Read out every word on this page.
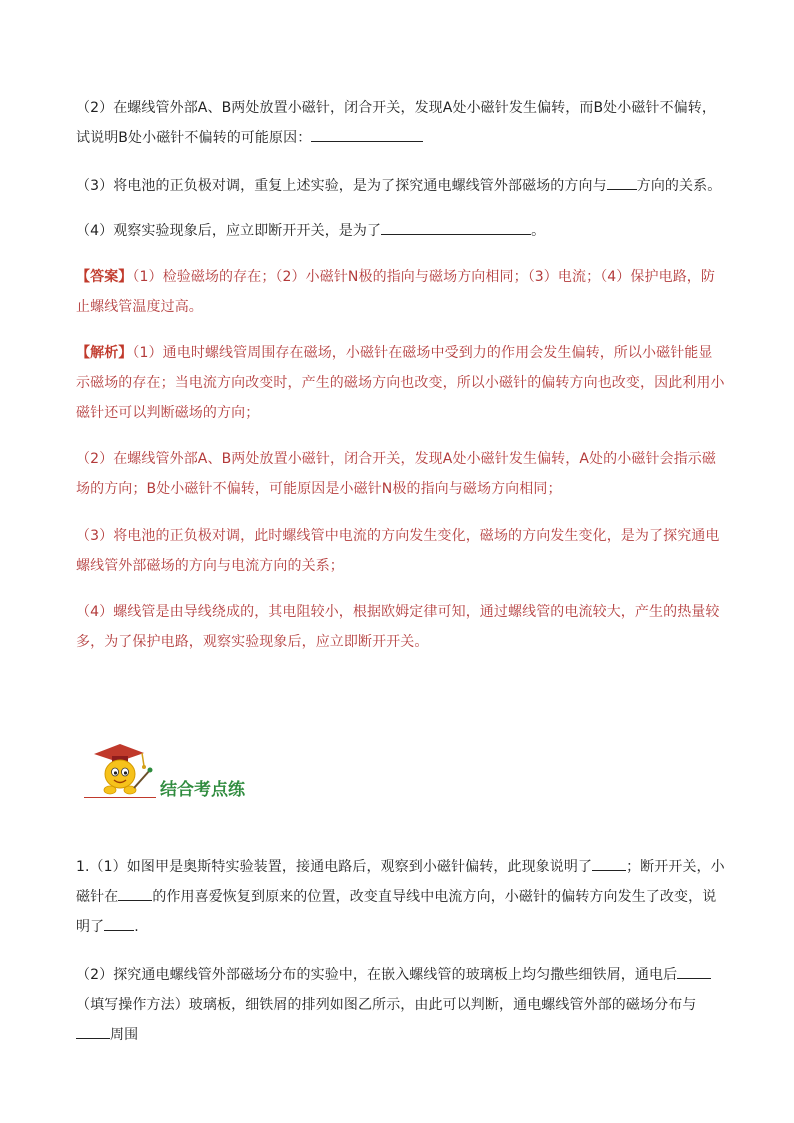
（2）在螺线管外部A、B两处放置小磁针，闭合开关，发现A处小磁针发生偏转，而B处小磁针不偏转，试说明B处小磁针不偏转的可能原因：

（3）将电池的正负极对调，重复上述实验，是为了探究通电螺线管外部磁场的方向与 方向的关系。

（4）观察实验现象后，应立即断开开关，是为了	。

【答案】（1）检验磁场的存在；（2）小磁针N极的指向与磁场方向相同；（3）电流；（4）保护电路，防止螺线管温度过高。

【解析】（1）通电时螺线管周围存在磁场，小磁针在磁场中受到力的作用会发生偏转，所以小磁针能显示磁场的存在；当电流方向改变时，产生的磁场方向也改变，所以小磁针的偏转方向也改变，因此利用小磁针还可以判断磁场的方向；

（2）在螺线管外部A、B两处放置小磁针，闭合开关，发现A处小磁针发生偏转，A处的小磁针会指示磁场的方向；B处小磁针不偏转，可能原因是小磁针N极的指向与磁场方向相同；

（3）将电池的正负极对调，此时螺线管中电流的方向发生变化，磁场的方向发生变化，是为了探究通电螺线管外部磁场的方向与电流方向的关系；

（4）螺线管是由导线绕成的，其电阻较小，根据欧姆定律可知，通过螺线管的电流较大，产生的热量较多，为了保护电路，观察实验现象后，应立即断开开关。

结合考点练

1.（1）如图甲是奥斯特实验装置，接通电路后，观察到小磁针偏转，此现象说明了 ；断开开关，小磁针在 的作用喜爱恢复到原来的位置，改变直导线中电流方向，小磁针的偏转方向发生了改变，说明了 .

（2）探究通电螺线管外部磁场分布的实验中，在嵌入螺线管的玻璃板上均匀撒些细铁屑，通电后（填写操作方法）玻璃板，细铁屑的排列如图乙所示，由此可以判断，通电螺线管外部的磁场分布与周围
